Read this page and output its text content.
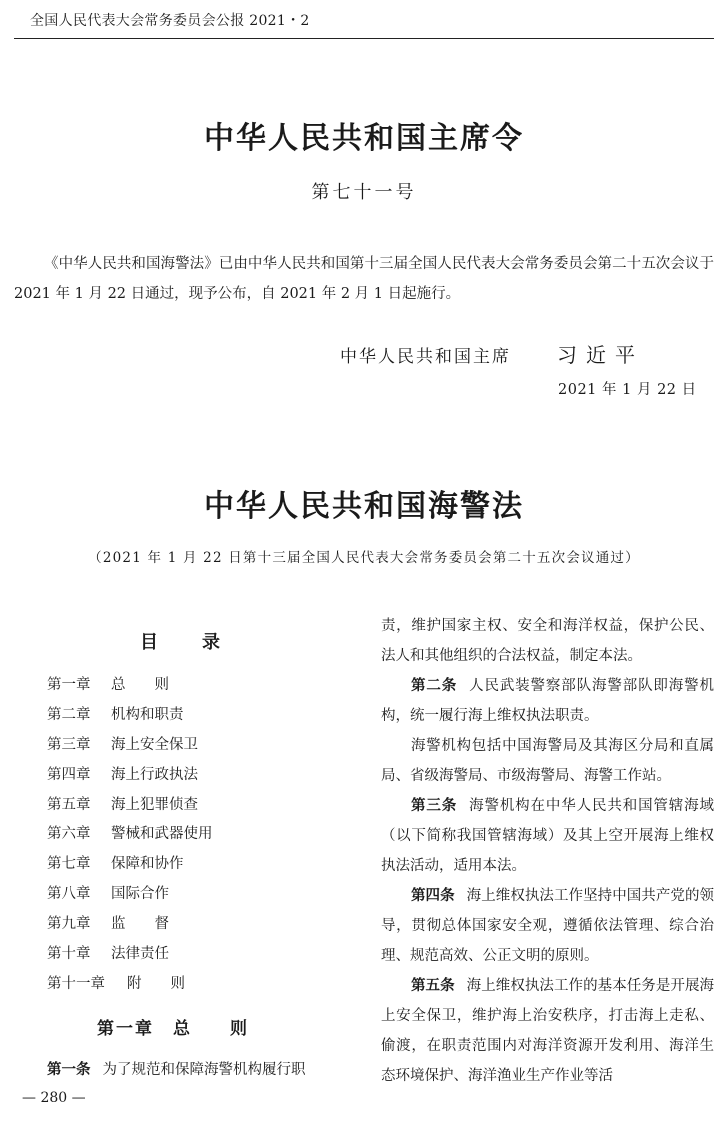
全国人民代表大会常务委员会公报 2021・2
中华人民共和国主席令
第七十一号
《中华人民共和国海警法》已由中华人民共和国第十三届全国人民代表大会常务委员会第二十五次会议于 2021 年 1 月 22 日通过，现予公布，自 2021 年 2 月 1 日起施行。
中华人民共和国主席 习近平
2021 年 1 月 22 日
中华人民共和国海警法
（2021 年 1 月 22 日第十三届全国人民代表大会常务委员会第二十五次会议通过）
目录
第一章 总　　则
第二章 机构和职责
第三章 海上安全保卫
第四章 海上行政执法
第五章 海上犯罪侦查
第六章 警械和武器使用
第七章 保障和协作
第八章 国际合作
第九章 监　　督
第十章 法律责任
第十一章 附　　则
第一章　总　　则
第一条 为了规范和保障海警机构履行职

责，维护国家主权、安全和海洋权益，保护公民、法人和其他组织的合法权益，制定本法。

第二条 人民武装警察部队海警部队即海警机构，统一履行海上维权执法职责。

海警机构包括中国海警局及其海区分局和直属局、省级海警局、市级海警局、海警工作站。

第三条 海警机构在中华人民共和国管辖海域（以下简称我国管辖海域）及其上空开展海上维权执法活动，适用本法。

第四条 海上维权执法工作坚持中国共产党的领导，贯彻总体国家安全观，遵循依法管理、综合治理、规范高效、公正文明的原则。

第五条 海上维权执法工作的基本任务是开展海上安全保卫，维护海上治安秩序，打击海上走私、偷渡，在职责范围内对海洋资源开发利用、海洋生态环境保护、海洋渔业生产作业等活

— 280 —
